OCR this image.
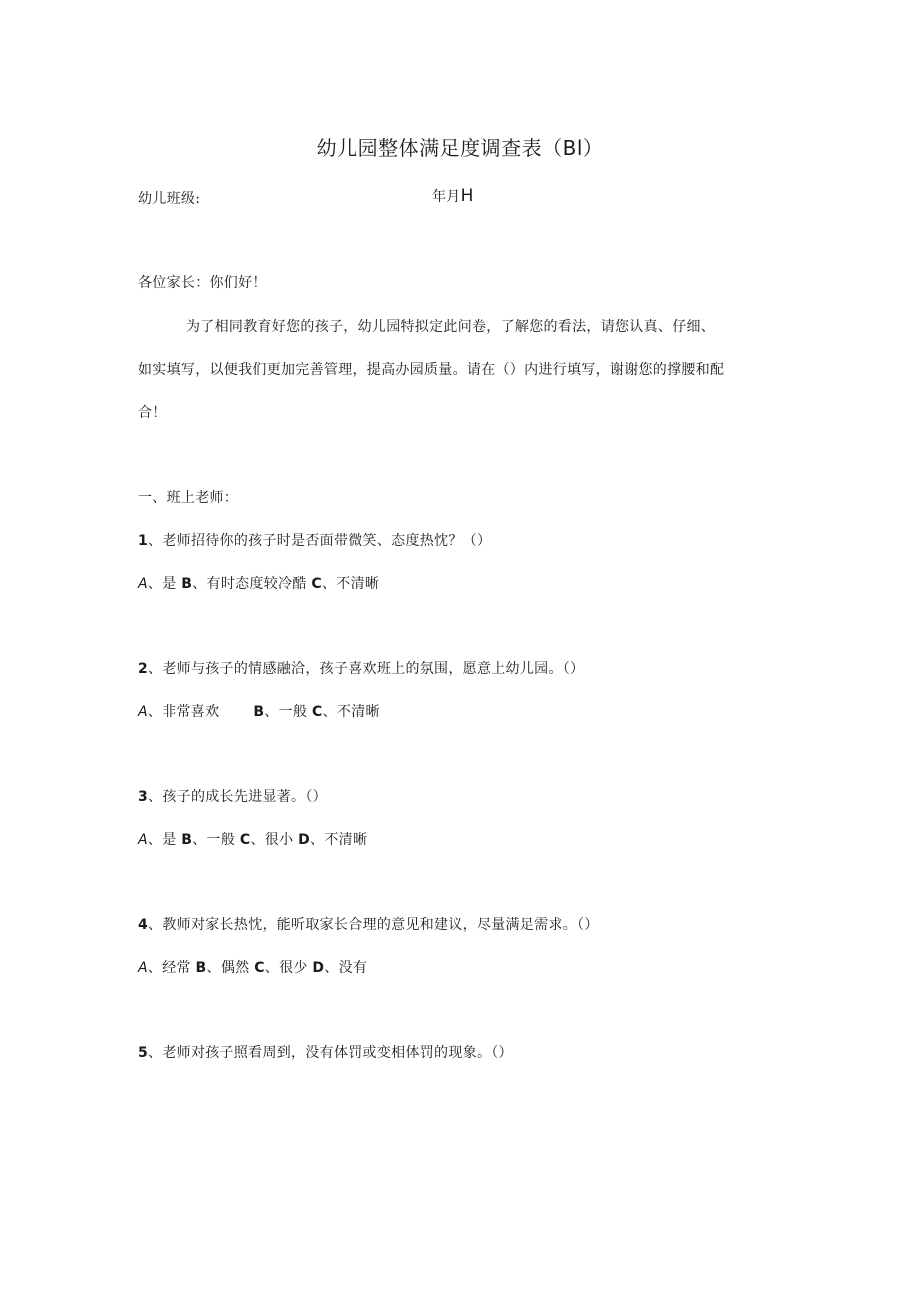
幼儿园整体满足度调查表（Bl）
幼儿班级:	年月H
各位家长：你们好！
为了相同教育好您的孩子，幼儿园特拟定此问卷，了解您的看法，请您认真、仔细、
如实填写，以便我们更加完善管理，提高办园质量。请在（）内进行填写，谢谢您的撑腰和配
合！
一、班上老师：
1、老师招待你的孩子时是否面带微笑、态度热忱？（）
A、是 B、有时态度较冷酷 C、不清晰
2、老师与孩子的情感融洽，孩子喜欢班上的氛围，愿意上幼儿园。（）
A、非常喜欢 B、一般 C、不清晰
3、孩子的成长先进显著。（）
A、是 B、一般 C、很小 D、不清晰
4、教师对家长热忱，能听取家长合理的意见和建议，尽量满足需求。（）
A、经常 B、偶然 C、很少 D、没有
5、老师对孩子照看周到，没有体罚或变相体罚的现象。（）
